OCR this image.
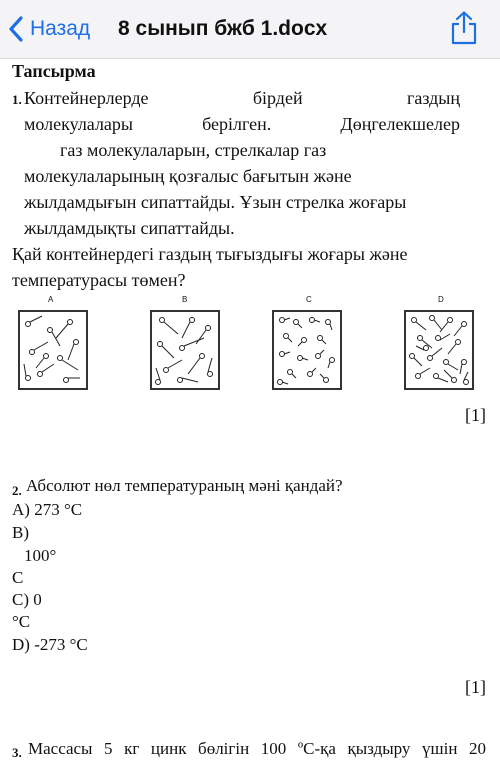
Назад 8 сынып бжб 1.docx
Тапсырма
1. Контейнерлерде бірдей газдың
молекулалары берілген. Дөңгелекшелер
газ молекулаларын, стрелкалар газ
молекулаларының қозғалыс бағытын және
жылдамдығын сипаттайды. Ұзын стрелка жоғары
жылдамдықты сипаттайды.
Қай контейнердегі газдың тығыздығы жоғары және
температурасы төмен?
A	B	C	D
[1]
2. Абсолют нөл температураның мәні қандай?
A) 273 °C
B)
100°
C
C) 0
°C
D) -273 °C
[1]
3. Массасы 5 кг цинк бөлігін 100 ºС-қа қыздыру үшін 20
